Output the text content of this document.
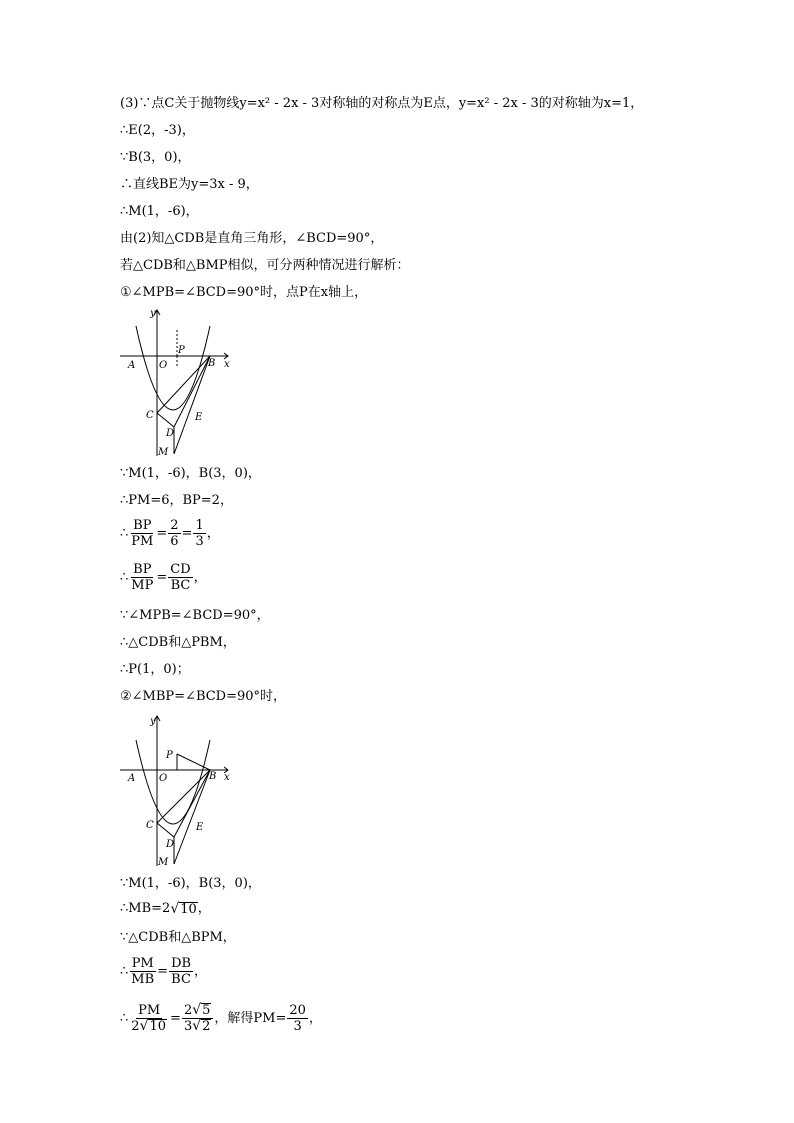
(3)∵点C关于抛物线y=x² - 2x - 3对称轴的对称点为E点，y=x² - 2x - 3的对称轴为x=1，
∴E(2，-3)，
∵B(3，0)，
∴直线BE为y=3x - 9，
∴M(1，-6)，
由(2)知△CDB是直角三角形，∠BCD=90°，
若△CDB和△BMP相似，可分两种情况进行解析：
①∠MPB=∠BCD=90°时，点P在x轴上，
y
x
A O
P
B
C
D
E
M
∵M(1，-6)，B(3，0)，
∴PM=6，BP=2，
∴ $\frac{BP}{PM} = \frac{2}{6} = \frac{1}{3}$ ，
∴ $\frac{BP}{MP} = \frac{CD}{BC}$ ，
∵∠MPB=∠BCD=90°，
∴△CDB和△PBM，
∴P(1，0)；
②∠MBP=∠BCD=90°时，
y
x
A O
P
B
C
D
E
M
∵M(1，-6)，B(3，0)，
∴MB=2 √ 10 ，
∵△CDB和△BPM，
∴ $\frac{PM}{MB} = \frac{DB}{BC}$ ，
∴ $\frac{PM}{2 √ 10} = \frac{2 √ 5}{3 √ 2}$ ，解得$PM= \frac{20}{3}$ ，
